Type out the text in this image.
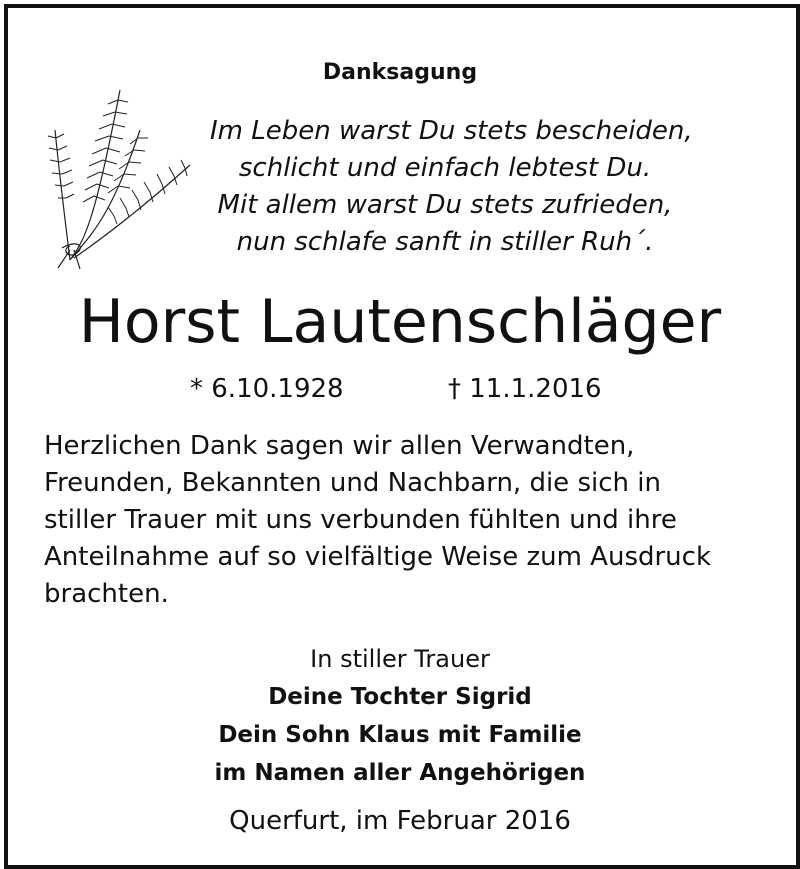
Danksagung
Im Leben warst Du stets bescheiden,
schlicht und einfach lebtest Du.
Mit allem warst Du stets zufrieden,
nun schlafe sanft in stiller Ruh´.
Horst Lautenschläger
* 6.10.1928	† 11.1.2016
Herzlichen Dank sagen wir allen Verwandten,
Freunden, Bekannten und Nachbarn, die sich in
stiller Trauer mit uns verbunden fühlten und ihre
Anteilnahme auf so vielfältige Weise zum Ausdruck
brachten.
In stiller Trauer
Deine Tochter Sigrid
Dein Sohn Klaus mit Familie
im Namen aller Angehörigen
Querfurt, im Februar 2016
